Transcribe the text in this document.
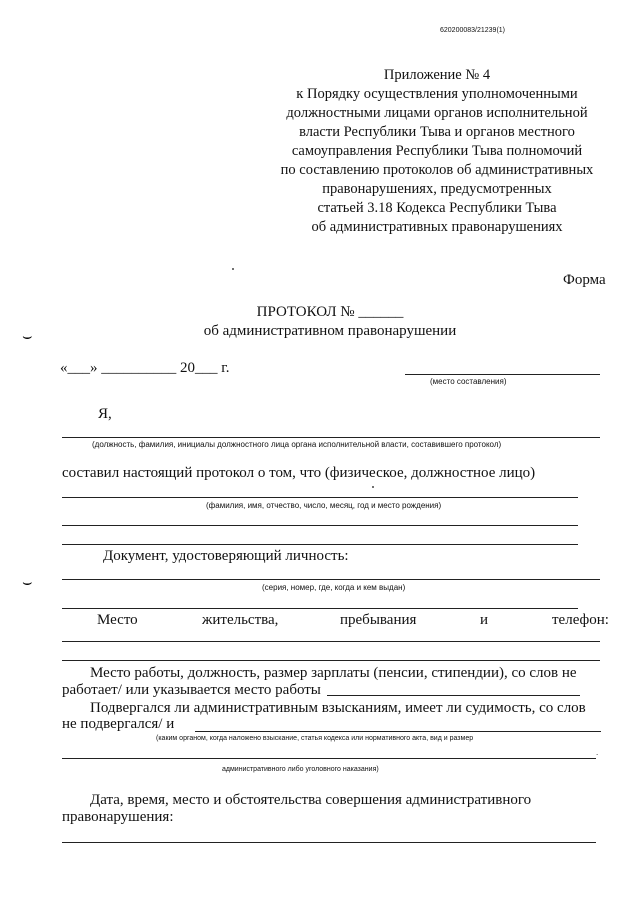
620200083/21239(1)
Приложение № 4
к Порядку осуществления уполномоченными
должностными лицами органов исполнительной
власти Республики Тыва и органов местного
самоуправления Республики Тыва полномочий
по составлению протоколов об административных
правонарушениях, предусмотренных
статьей 3.18 Кодекса Республики Тыва
об административных правонарушениях
Форма
ПРОТОКОЛ № ______
об административном правонарушении
⌣
⌣
«___» __________ 20___ г.
(место составления)
Я,
(должность, фамилия, инициалы должностного лица органа исполнительной власти, составившего протокол)
составил настоящий протокол о том, что (физическое, должностное лицо)
(фамилия, имя, отчество, число, месяц, год и место рождения)
Документ, удостоверяющий личность:
(серия, номер, где, когда и кем выдан)
Место	жительства,	пребывания	и	телефон:
Место работы, должность, размер зарплаты (пенсии, стипендии), со слов не
работает/ или указывается место работы
Подвергался ли административным взысканиям, имеет ли судимость, со слов
не подвергался/ и
(каким органом, когда наложено взыскание, статья кодекса или нормативного акта, вид и размер
.
административного либо уголовного наказания)
Дата, время, место и обстоятельства совершения административного
правонарушения:
